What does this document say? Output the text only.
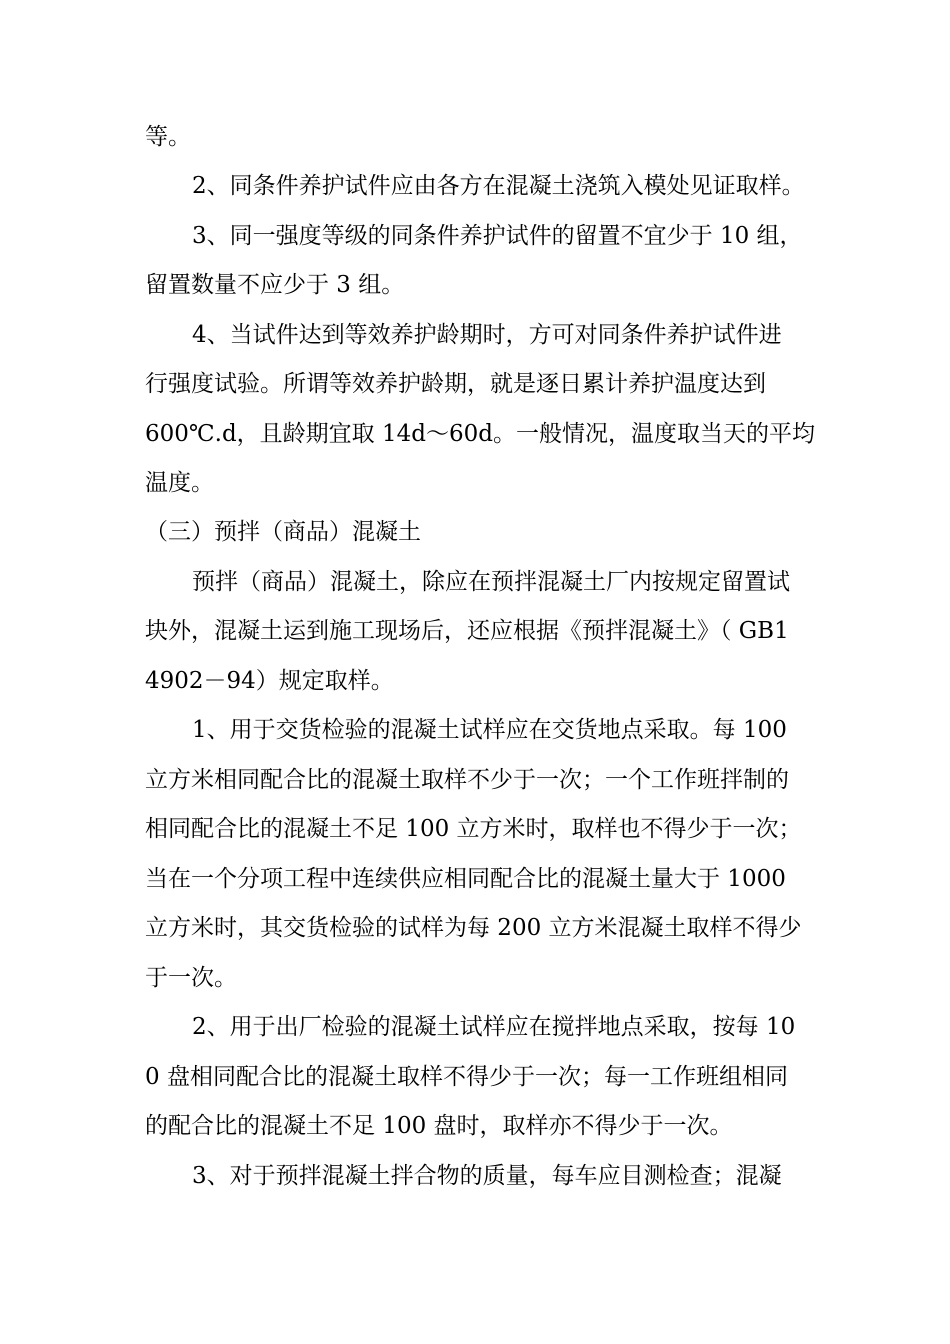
等。
2、同条件养护试件应由各方在混凝土浇筑入模处见证取样。
3、同一强度等级的同条件养护试件的留置不宜少于 10 组，
留置数量不应少于 3 组。
4、当试件达到等效养护龄期时，方可对同条件养护试件进
行强度试验。所谓等效养护龄期，就是逐日累计养护温度达到
600℃.d，且龄期宜取 14d～60d。一般情况，温度取当天的平均
温度。
（三）预拌（商品）混凝土
预拌（商品）混凝土，除应在预拌混凝土厂内按规定留置试
块外，混凝土运到施工现场后，还应根据《预拌混凝土》（ GB1
4902－94）规定取样。
1、用于交货检验的混凝土试样应在交货地点采取。每 100
立方米相同配合比的混凝土取样不少于一次；一个工作班拌制的
相同配合比的混凝土不足 100 立方米时，取样也不得少于一次；
当在一个分项工程中连续供应相同配合比的混凝土量大于 1000
立方米时，其交货检验的试样为每 200 立方米混凝土取样不得少
于一次。
2、用于出厂检验的混凝土试样应在搅拌地点采取，按每 10
0 盘相同配合比的混凝土取样不得少于一次；每一工作班组相同
的配合比的混凝土不足 100 盘时，取样亦不得少于一次。
3、对于预拌混凝土拌合物的质量，每车应目测检查；混凝
